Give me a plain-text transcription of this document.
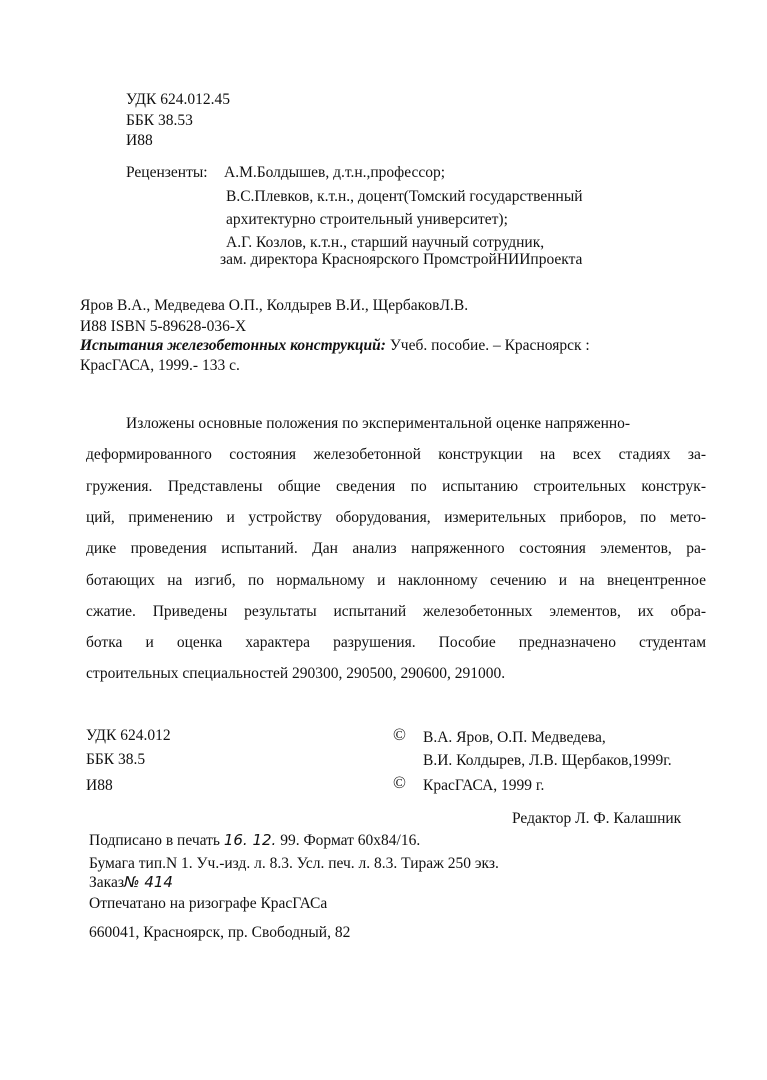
УДК 624.012.45
ББК 38.53
И88
Рецензенты: А.М.Болдышев, д.т.н.,профессор;
В.С.Плевков, к.т.н., доцент(Томский государственный
архитектурно строительный университет);
А.Г. Козлов, к.т.н., старший научный сотрудник,
зам. директора Красноярского ПромстройНИИпроекта
Яров В.А., Медведева О.П., Колдырев В.И., ЩербаковЛ.В.
И88 ISBN 5-89628-036-Х
Испытания железобетонных конструкций: Учеб. пособие. – Красноярск :
КрасГАСА, 1999.- 133 с.
Изложены основные положения по экспериментальной оценке напряженно-
деформированного состояния железобетонной конструкции на всех стадиях за-
гружения. Представлены общие сведения по испытанию строительных конструк-
ций, применению и устройству оборудования, измерительных приборов, по мето-
дике проведения испытаний. Дан анализ напряженного состояния элементов, ра-
ботающих на изгиб, по нормальному и наклонному сечению и на внецентренное
сжатие. Приведены результаты испытаний железобетонных элементов, их обра-
ботка и оценка характера разрушения. Пособие предназначено студентам
строительных специальностей 290300, 290500, 290600, 291000.
УДК 624.012
ББК 38.5
И88
© В.А. Яров, О.П. Медведева,
В.И. Колдырев, Л.В. Щербаков,1999г.
© КрасГАСА, 1999 г.
Редактор Л. Ф. Калашник
Подписано в печать 16. 12. 99. Формат 60х84/16.
Бумага тип.N 1. Уч.-изд. л. 8.3. Усл. печ. л. 8.3. Тираж 250 экз.
Заказ№ 414
Отпечатано на ризографе КрасГАСа
660041, Красноярск, пр. Свободный, 82
